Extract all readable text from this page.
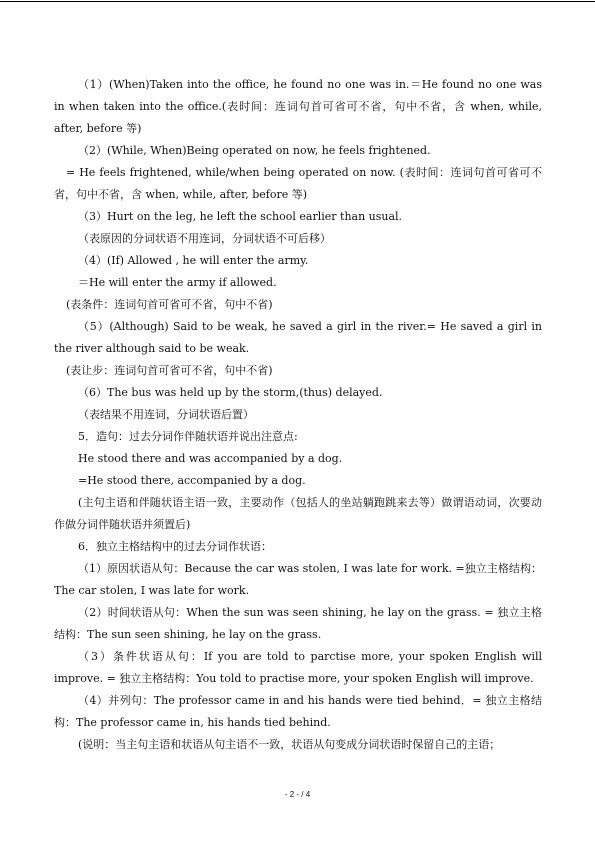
（1）(When)Taken into the office, he found no one was in.＝He found no one was in when taken into the office.(表时间：连词句首可省可不省，句中不省，含 when, while, after, before 等)

（2）(While, When)Being operated on now, he feels frightened.

= He feels frightened, while/when being operated on now. (表时间：连词句首可省可不省，句中不省，含 when, while, after, before 等)

（3）Hurt on the leg, he left the school earlier than usual.

（表原因的分词状语不用连词，分词状语不可后移）

（4）(If) Allowed , he will enter the army.

＝He will enter the army if allowed.

(表条件：连词句首可省可不省，句中不省)

（5）(Although) Said to be weak, he saved a girl in the river.= He saved a girl in the river although said to be weak.

(表让步：连词句首可省可不省，句中不省)

（6）The bus was held up by the storm,(thus) delayed.

（表结果不用连词，分词状语后置）

5．造句：过去分词作伴随状语并说出注意点:

He stood there and was accompanied by a dog.

=He stood there, accompanied by a dog.

(主句主语和伴随状语主语一致，主要动作（包括人的坐站躺跑跳来去等）做谓语动词，次要动作做分词伴随状语并须置后)

6．独立主格结构中的过去分词作状语：

（1）原因状语从句：Because the car was stolen, I was late for work. =独立主格结构：The car stolen, I was late for work.

（2）时间状语从句：When the sun was seen shining, he lay on the grass. = 独立主格结构：The sun seen shining, he lay on the grass.

（3）条件状语从句：If you are told to parctise more, your spoken English will improve. = 独立主格结构：You told to practise more, your spoken English will improve.

（4）并列句：The professor came in and his hands were tied behind．= 独立主格结构：The professor came in, his hands tied behind.

(说明：当主句主语和状语从句主语不一致，状语从句变成分词状语时保留自己的主语；

- 2 - / 4
